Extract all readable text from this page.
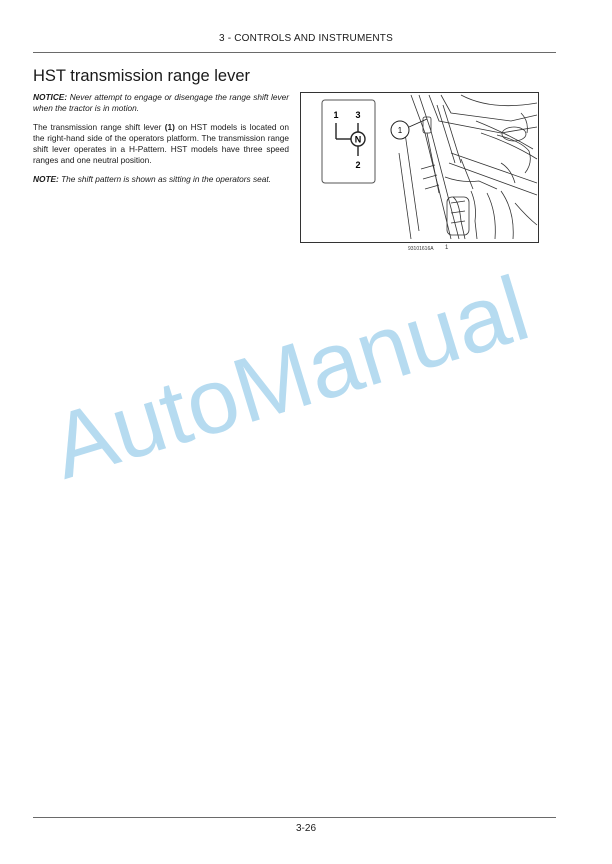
3 - CONTROLS AND INSTRUMENTS
HST transmission range lever

NOTICE: Never attempt to engage or disengage the range shift lever when the tractor is in motion.

The transmission range shift lever (1) on HST models is located on the right-hand side of the operators platform. The transmission range shift lever operates in a H-Pattern. HST models have three speed ranges and one neutral position.

NOTE: The shift pattern is shown as sitting in the operators seat.

1 3
N
2
1
93101616A 1
AutoManual
3-26
